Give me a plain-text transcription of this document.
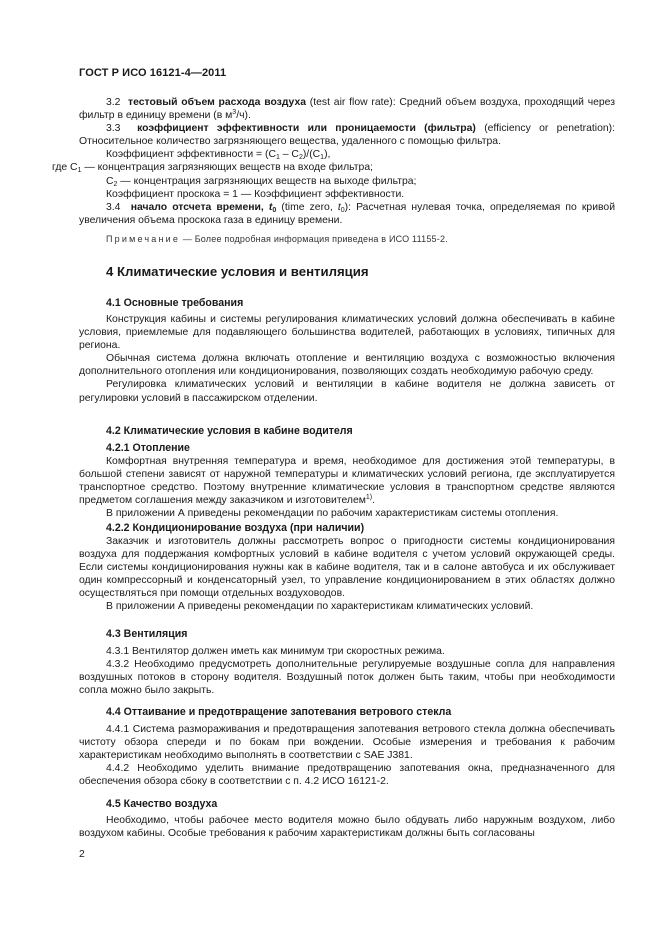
ГОСТ Р ИСО 16121-4—2011

3.2 тестовый объем расхода воздуха (test air flow rate): Средний объем воздуха, проходящий через фильтр в единицу времени (в $м^3/ч$).

3.3 коэффициент эффективности или проницаемости (фильтра) (efficiency or penetration): Относительное количество загрязняющего вещества, удаленного с помощью фильтра.

Коэффициент эффективности = $(C_1 - C_2)/(C_1)$,

где $C_1$ — концентрация загрязняющих веществ на входе фильтра;

$C_2$ — концентрация загрязняющих веществ на выходе фильтра;

Коэффициент проскока = 1 — Коэффициент эффективности.

3.4 начало отсчета времени, $t_0$ (time zero, $t_0$): Расчетная нулевая точка, определяемая по кривой увеличения объема проскока газа в единицу времени.

Примечание — Более подробная информация приведена в ИСО 11155-2.

4 Климатические условия и вентиляция
4.1 Основные требования

Конструкция кабины и системы регулирования климатических условий должна обеспечивать в кабине условия, приемлемые для подавляющего большинства водителей, работающих в условиях, типичных для региона.

Обычная система должна включать отопление и вентиляцию воздуха с возможностью включения дополнительного отопления или кондиционирования, позволяющих создать необходимую рабочую среду.

Регулировка климатических условий и вентиляции в кабине водителя не должна зависеть от регулировки условий в пассажирском отделении.

4.2 Климатические условия в кабине водителя
4.2.1 Отопление

Комфортная внутренняя температура и время, необходимое для достижения этой температуры, в большой степени зависят от наружной температуры и климатических условий региона, где эксплуатируется транспортное средство. Поэтому внутренние климатические условия в транспортном средстве являются предметом соглашения между заказчиком и изготовителем$^{1)}$.

В приложении А приведены рекомендации по рабочим характеристикам системы отопления.

4.2.2 Кондиционирование воздуха (при наличии)

Заказчик и изготовитель должны рассмотреть вопрос о пригодности системы кондиционирования воздуха для поддержания комфортных условий в кабине водителя с учетом условий окружающей среды. Если системы кондиционирования нужны как в кабине водителя, так и в салоне автобуса и их обслуживает один компрессорный и конденсаторный узел, то управление кондиционированием в этих областях должно осуществляться при помощи отдельных воздуховодов.

В приложении А приведены рекомендации по характеристикам климатических условий.

4.3 Вентиляция

4.3.1 Вентилятор должен иметь как минимум три скоростных режима.

4.3.2 Необходимо предусмотреть дополнительные регулируемые воздушные сопла для направления воздушных потоков в сторону водителя. Воздушный поток должен быть таким, чтобы при необходимости сопла можно было закрыть.

4.4 Оттаивание и предотвращение запотевания ветрового стекла

4.4.1 Система размораживания и предотвращения запотевания ветрового стекла должна обеспечивать чистоту обзора спереди и по бокам при вождении. Особые измерения и требования к рабочим характеристикам необходимо выполнять в соответствии с SAE J381.

4.4.2 Необходимо уделить внимание предотвращению запотевания окна, предназначенного для обеспечения обзора сбоку в соответствии с п. 4.2 ИСО 16121-2.

4.5 Качество воздуха

Необходимо, чтобы рабочее место водителя можно было обдувать либо наружным воздухом, либо воздухом кабины. Особые требования к рабочим характеристикам должны быть согласованы

2
